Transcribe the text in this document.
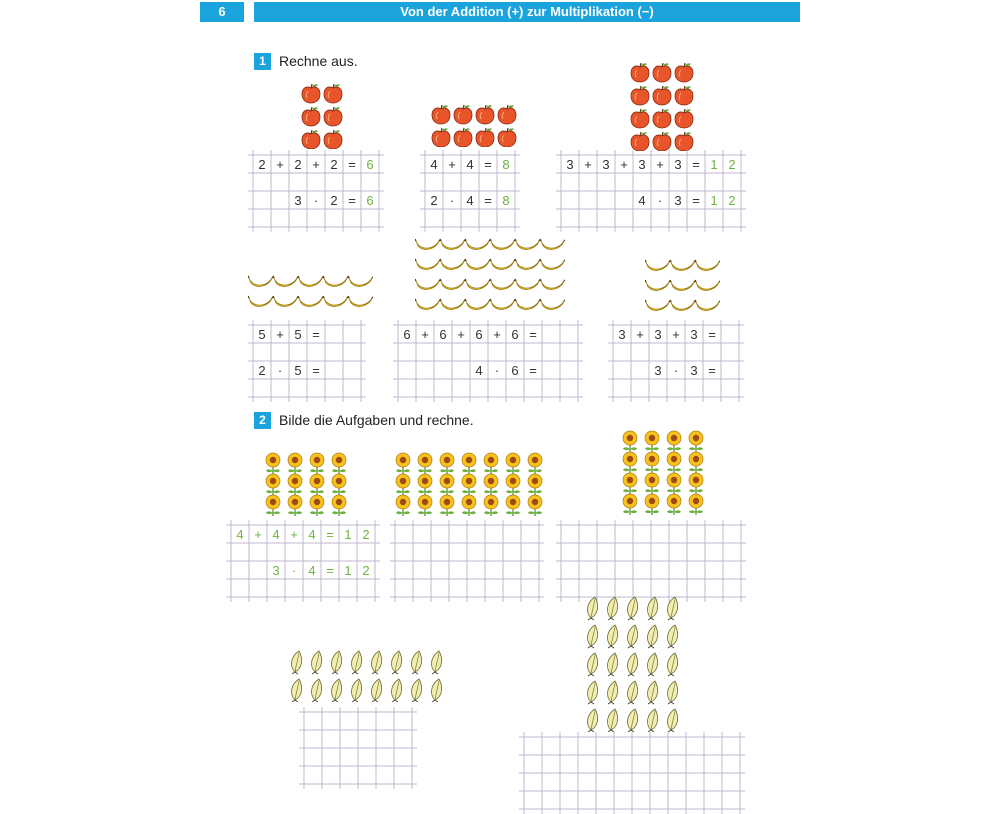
6	Von der Addition (+) zur Multiplikation (−)
1 Rechne aus.
2 Bilde die Aufgaben und rechne.
2 + 2 + 2 = 6
3 · 2 = 6
4 + 4 = 8
2 · 4 = 8
3 + 3 + 3 + 3 = 1 2
4 · 3 = 1 2
5 + 5 =
2 · 5 =
6 + 6 + 6 + 6 =
4 · 6 =
3 + 3 + 3 =
3 · 3 =
4 + 4 + 4 = 1 2
3 · 4 = 1 2
